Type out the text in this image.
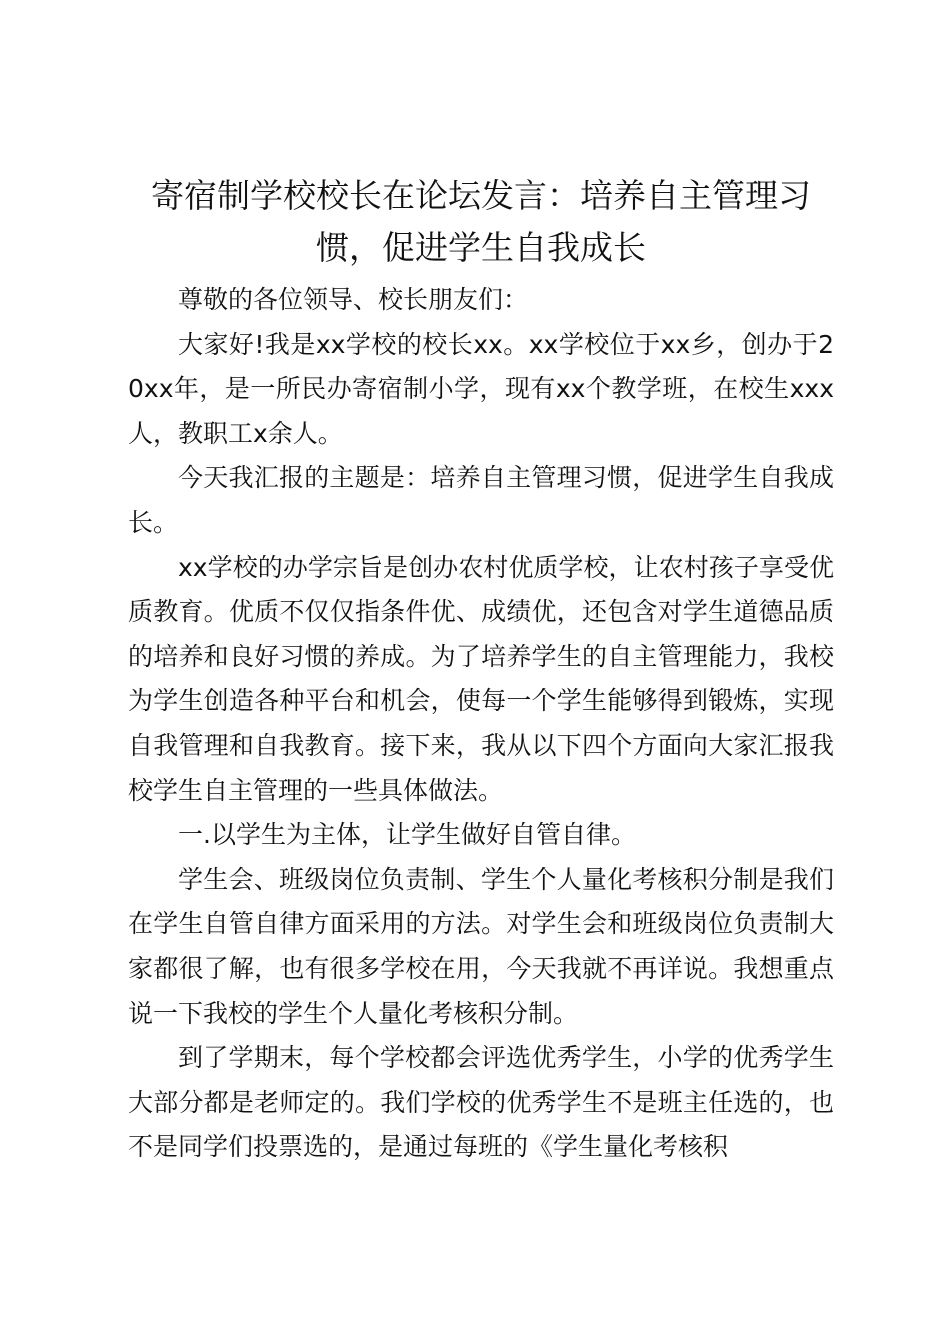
寄宿制学校校长在论坛发言：培养自主管理习惯，促进学生自我成长

尊敬的各位领导、校长朋友们：

大家好!我是xx学校的校长xx。xx学校位于xx乡，创办于20xx年，是一所民办寄宿制小学，现有xx个教学班，在校生xxx人，教职工x余人。

今天我汇报的主题是：培养自主管理习惯，促进学生自我成长。

xx学校的办学宗旨是创办农村优质学校，让农村孩子享受优质教育。优质不仅仅指条件优、成绩优，还包含对学生道德品质的培养和良好习惯的养成。为了培养学生的自主管理能力，我校为学生创造各种平台和机会，使每一个学生能够得到锻炼，实现自我管理和自我教育。接下来，我从以下四个方面向大家汇报我校学生自主管理的一些具体做法。

一.以学生为主体，让学生做好自管自律。

学生会、班级岗位负责制、学生个人量化考核积分制是我们在学生自管自律方面采用的方法。对学生会和班级岗位负责制大家都很了解，也有很多学校在用，今天我就不再详说。我想重点说一下我校的学生个人量化考核积分制。

到了学期末，每个学校都会评选优秀学生，小学的优秀学生大部分都是老师定的。我们学校的优秀学生不是班主任选的，也不是同学们投票选的，是通过每班的《学生量化考核积
